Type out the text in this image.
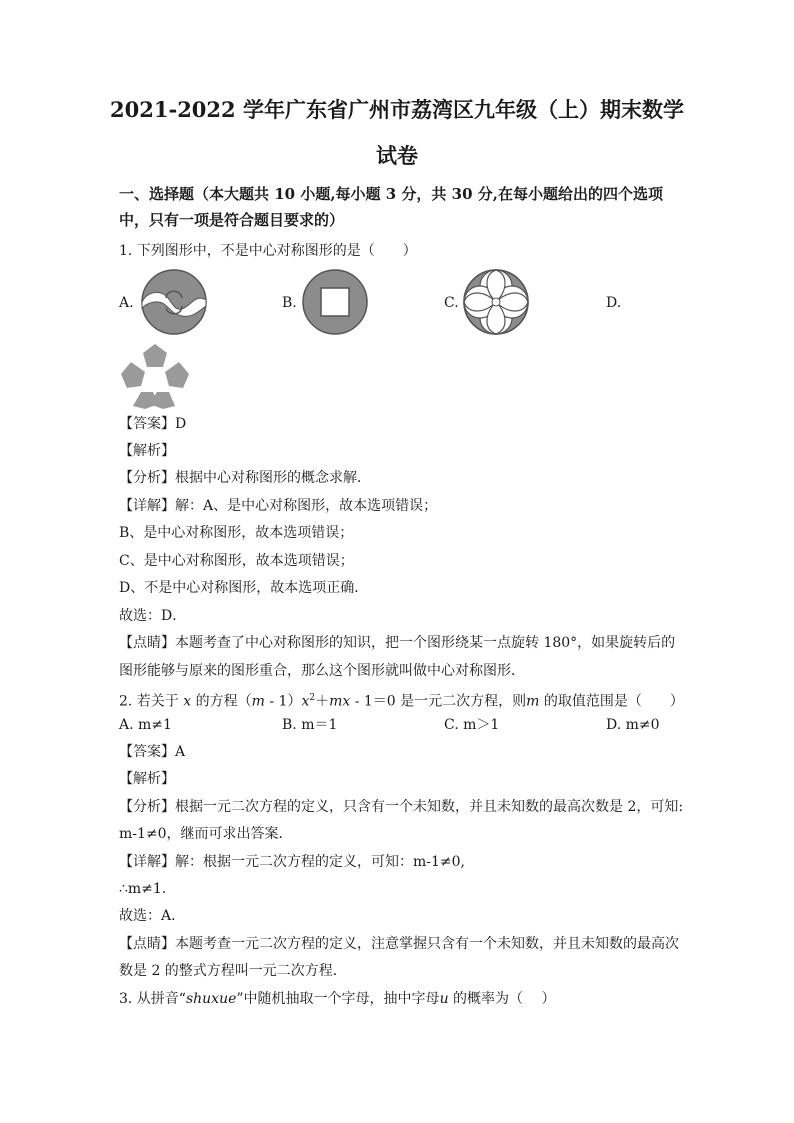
2021-2022 学年广东省广州市荔湾区九年级（上）期末数学
试卷
一、选择题（本大题共 10 小题,每小题 3 分，共 30 分,在每小题给出的四个选项
中，只有一项是符合题目要求的）
1. 下列图形中，不是中心对称图形的是（　　）
A.	B.	C.	D.
【答案】D
【解析】
【分析】根据中心对称图形的概念求解．
【详解】解：A、是中心对称图形，故本选项错误；
B、是中心对称图形，故本选项错误；
C、是中心对称图形，故本选项错误；
D、不是中心对称图形，故本选项正确．
故选：D．
【点睛】本题考查了中心对称图形的知识，把一个图形绕某一点旋转 180°，如果旋转后的
图形能够与原来的图形重合，那么这个图形就叫做中心对称图形．
2. 若关于 x 的方程$(m - 1)x^2+mx - 1=0$ 是一元二次方程，则m 的取值范围是（　　）
A. m≠1	B. m＝1	C. m＞1	D. m≠0
【答案】A
【解析】
【分析】根据一元二次方程的定义，只含有一个未知数，并且未知数的最高次数是 2，可知:
m-1≠0，继而可求出答案．
【详解】解：根据一元二次方程的定义，可知：m-1≠0,
∴m≠1．
故选：A．
【点睛】本题考查一元二次方程的定义，注意掌握只含有一个未知数，并且未知数的最高次
数是 2 的整式方程叫一元二次方程．
3. 从拼音“shuxue”中随机抽取一个字母，抽中字母u 的概率为（　 ）
